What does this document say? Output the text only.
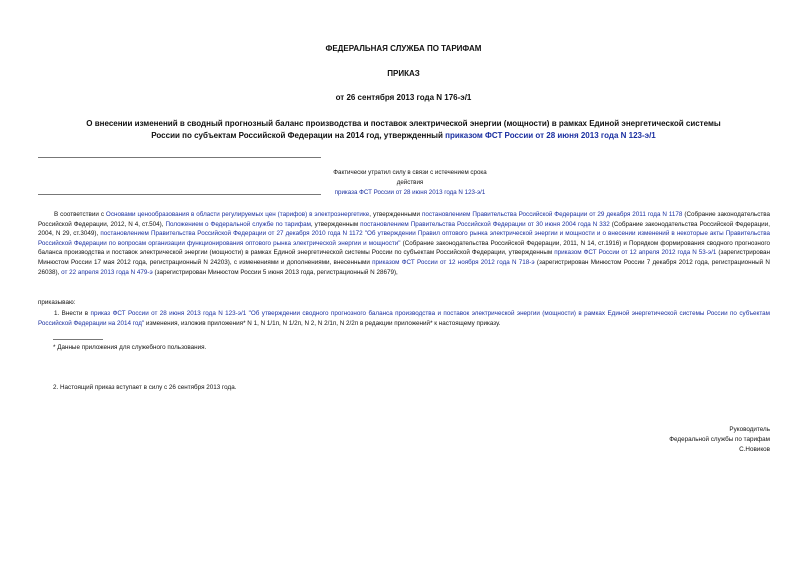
ФЕДЕРАЛЬНАЯ СЛУЖБА ПО ТАРИФАМ
ПРИКАЗ
от 26 сентября 2013 года N 176-э/1
О внесении изменений в сводный прогнозный баланс производства и поставок электрической энергии (мощности) в рамках Единой энергетической системы
России по субъектам Российской Федерации на 2014 год, утвержденный приказом ФСТ России от 28 июня 2013 года N 123-э/1
Фактически утратил силу в связи с истечением срока действия
приказа ФСТ России от 28 июня 2013 года N 123-э/1
В соответствии с Основами ценообразования в области регулируемых цен (тарифов) в электроэнергетике, утвержденными постановлением Правительства Российской Федерации от 29 декабря 2011 года N 1178 (Собрание законодательства Российской Федерации, 2012, N 4, ст.504), Положением о Федеральной службе по тарифам, утвержденным постановлением Правительства Российской Федерации от 30 июня 2004 года N 332 (Собрание законодательства Российской Федерации, 2004, N 29, ст.3049), постановлением Правительства Российской Федерации от 27 декабря 2010 года N 1172 "Об утверждении Правил оптового рынка электрической энергии и мощности и о внесении изменений в некоторые акты Правительства Российской Федерации по вопросам организации функционирования оптового рынка электрической энергии и мощности" (Собрание законодательства Российской Федерации, 2011, N 14, ст.1916) и Порядком формирования сводного прогнозного баланса производства и поставок электрической энергии (мощности) в рамках Единой энергетической системы России по субъектам Российской Федерации, утвержденным приказом ФСТ России от 12 апреля 2012 года N 53-э/1 (зарегистрирован Минюстом России 17 мая 2012 года, регистрационный N 24203), с изменениями и дополнениями, внесенными приказом ФСТ России от 12 ноября 2012 года N 718-э (зарегистрирован Минюстом России 7 декабря 2012 года, регистрационный N 26038), от 22 апреля 2013 года N 479-э (зарегистрирован Минюстом России 5 июня 2013 года, регистрационный N 28679),
приказываю:
1. Внести в приказ ФСТ России от 28 июня 2013 года N 123-э/1 "Об утверждении сводного прогнозного баланса производства и поставок электрической энергии (мощности) в рамках Единой энергетической системы России по субъектам Российской Федерации на 2014 год" изменения, изложив приложения* N 1, N 1/1п, N 1/2п, N 2, N 2/1п, N 2/2п в редакции приложений* к настоящему приказу.
* Данные приложения для служебного пользования.
2. Настоящий приказ вступает в силу с 26 сентября 2013 года.
Руководитель
Федеральной службы по тарифам
С.Новиков
